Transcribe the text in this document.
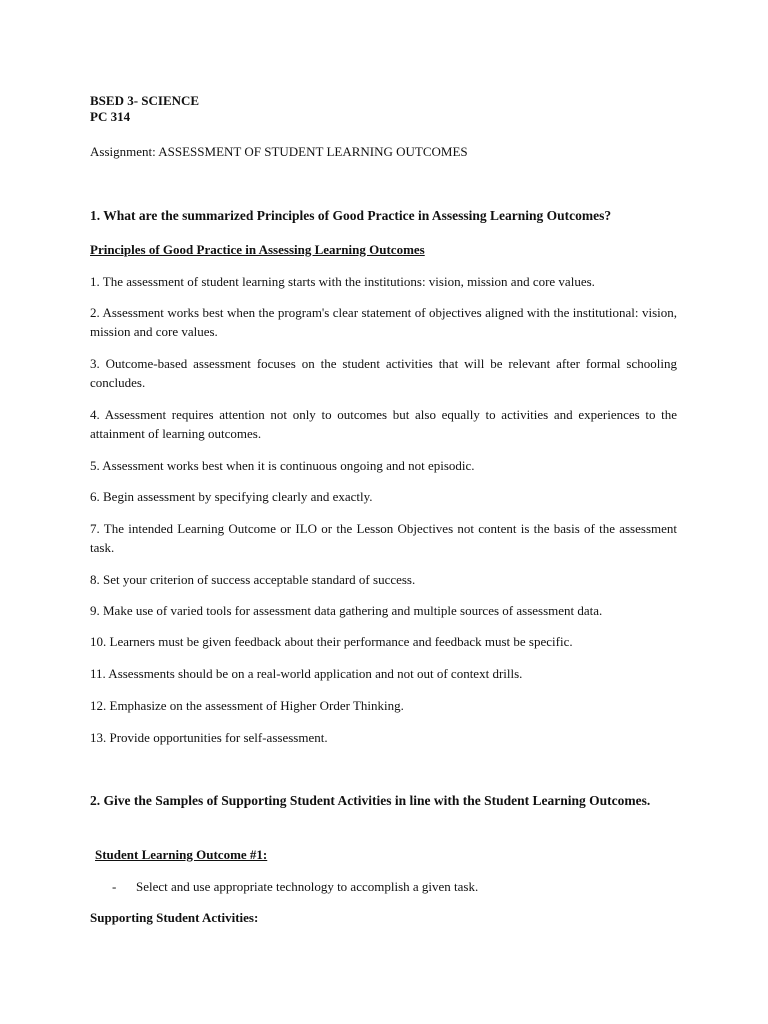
BSED 3- SCIENCE
PC 314
Assignment: ASSESSMENT OF STUDENT LEARNING OUTCOMES
1. What are the summarized Principles of Good Practice in Assessing Learning Outcomes?
Principles of Good Practice in Assessing Learning Outcomes
1. The assessment of student learning starts with the institutions: vision, mission and core values.
2. Assessment works best when the program's clear statement of objectives aligned with the institutional: vision, mission and core values.
3. Outcome-based assessment focuses on the student activities that will be relevant after formal schooling concludes.
4. Assessment requires attention not only to outcomes but also equally to activities and experiences to the attainment of learning outcomes.
5. Assessment works best when it is continuous ongoing and not episodic.
6. Begin assessment by specifying clearly and exactly.
7. The intended Learning Outcome or ILO or the Lesson Objectives not content is the basis of the assessment task.
8. Set your criterion of success acceptable standard of success.
9. Make use of varied tools for assessment data gathering and multiple sources of assessment data.
10. Learners must be given feedback about their performance and feedback must be specific.
11. Assessments should be on a real-world application and not out of context drills.
12. Emphasize on the assessment of Higher Order Thinking.
13. Provide opportunities for self-assessment.
2. Give the Samples of Supporting Student Activities in line with the Student Learning Outcomes.
Student Learning Outcome #1:
- Select and use appropriate technology to accomplish a given task.
Supporting Student Activities:
